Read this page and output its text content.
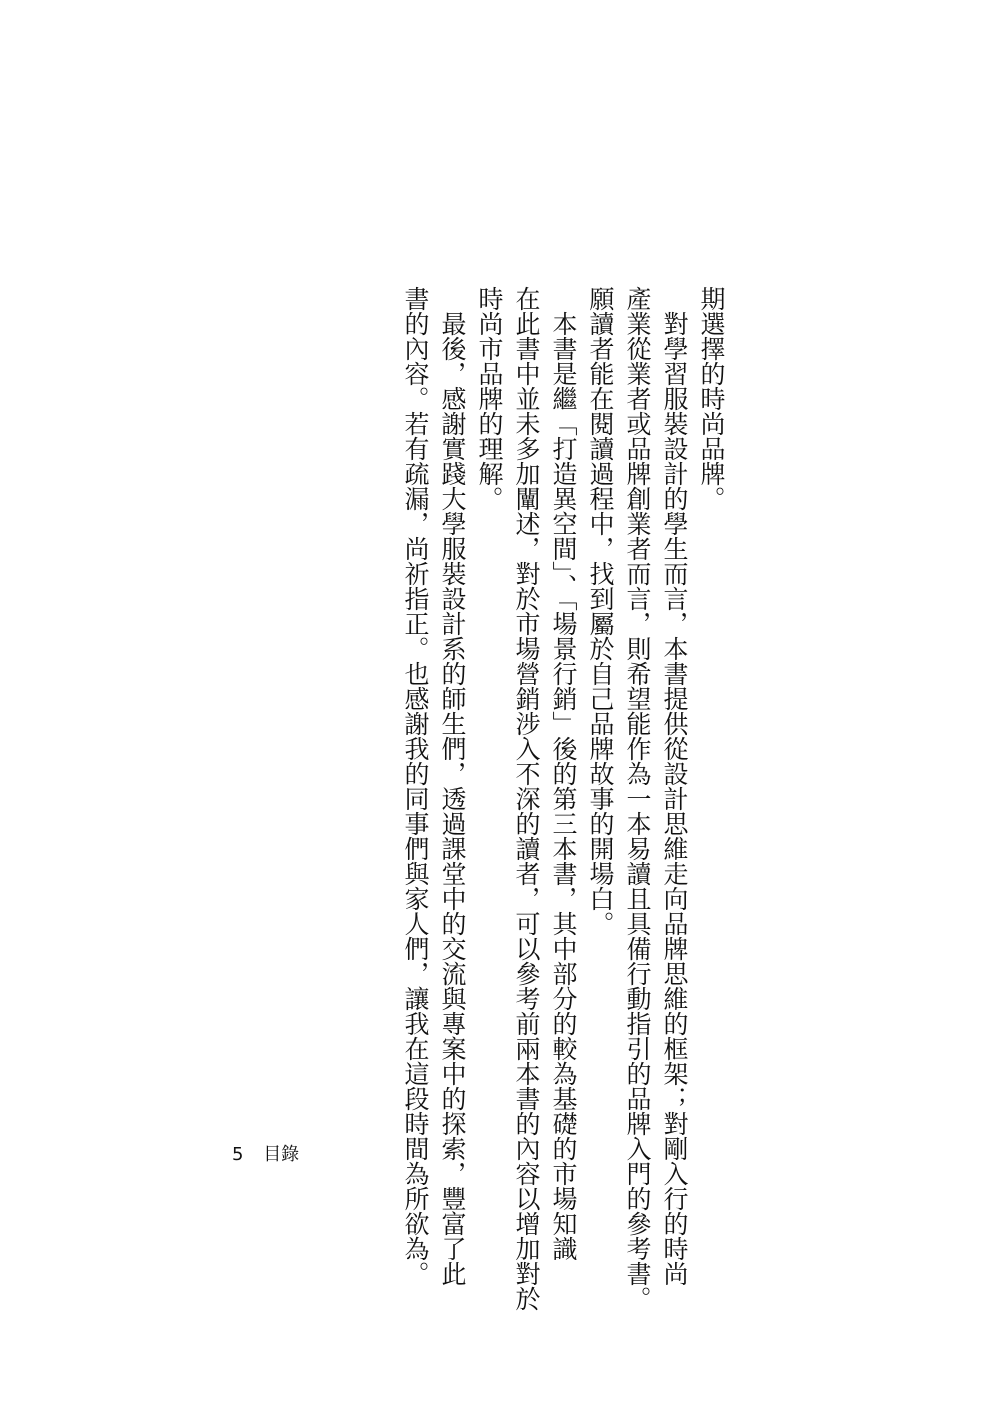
期選擇的時尚品牌。
　對學習服裝設計的學生而言，本書提供從設計思維走向品牌思維的框架；對剛入行的時尚
產業從業者或品牌創業者而言，則希望能作為一本易讀且具備行動指引的品牌入門的參考書。
願讀者能在閱讀過程中，找到屬於自己品牌故事的開場白。
　本書是繼「打造異空間」、「場景行銷」後的第三本書，其中部分的較為基礎的市場知識
在此書中並未多加闡述，對於市場營銷涉入不深的讀者，可以參考前兩本書的內容以增加對於
時尚市品牌的理解。
　最後，感謝實踐大學服裝設計系的師生們，透過課堂中的交流與專案中的探索，豐富了此
書的內容。若有疏漏，尚祈指正。也感謝我的同事們與家人們，讓我在這段時間為所欲為。
5 目錄
